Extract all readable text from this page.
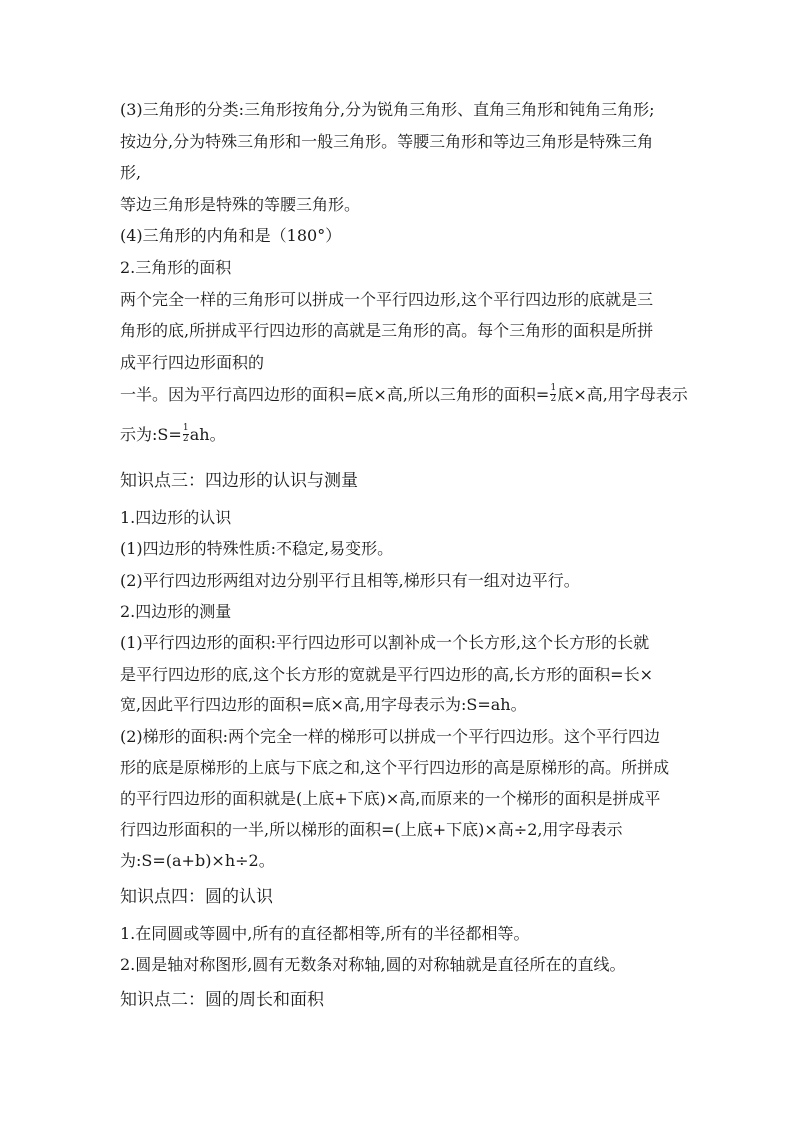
(3)三角形的分类:三角形按角分,分为锐角三角形、直角三角形和钝角三角形;
按边分,分为特殊三角形和一般三角形。等腰三角形和等边三角形是特殊三角
形,
等边三角形是特殊的等腰三角形。
(4)三角形的内角和是（180°）
2.三角形的面积
两个完全一样的三角形可以拼成一个平行四边形,这个平行四边形的底就是三
角形的底,所拼成平行四边形的高就是三角形的高。每个三角形的面积是所拼
成平行四边形面积的
一半。因为平行高四边形的面积=底×高,所以三角形的面积= $\frac{1}{2}$ 底×高,用字母表示
示为:S= $\frac{1}{2}$ ah。
知识点三：四边形的认识与测量
1.四边形的认识
(1)四边形的特殊性质:不稳定,易变形。
(2)平行四边形两组对边分别平行且相等,梯形只有一组对边平行。
2.四边形的测量
(1)平行四边形的面积:平行四边形可以割补成一个长方形,这个长方形的长就
是平行四边形的底,这个长方形的宽就是平行四边形的高,长方形的面积=长×
宽,因此平行四边形的面积=底×高,用字母表示为:S=ah。
(2)梯形的面积:两个完全一样的梯形可以拼成一个平行四边形。这个平行四边
形的底是原梯形的上底与下底之和,这个平行四边形的高是原梯形的高。所拼成
的平行四边形的面积就是(上底+下底)×高,而原来的一个梯形的面积是拼成平
行四边形面积的一半,所以梯形的面积=(上底+下底)×高÷2,用字母表示
为:S=(a+b)×h÷2。
知识点四：圆的认识
1.在同圆或等圆中,所有的直径都相等,所有的半径都相等。
2.圆是轴对称图形,圆有无数条对称轴,圆的对称轴就是直径所在的直线。
知识点二：圆的周长和面积
